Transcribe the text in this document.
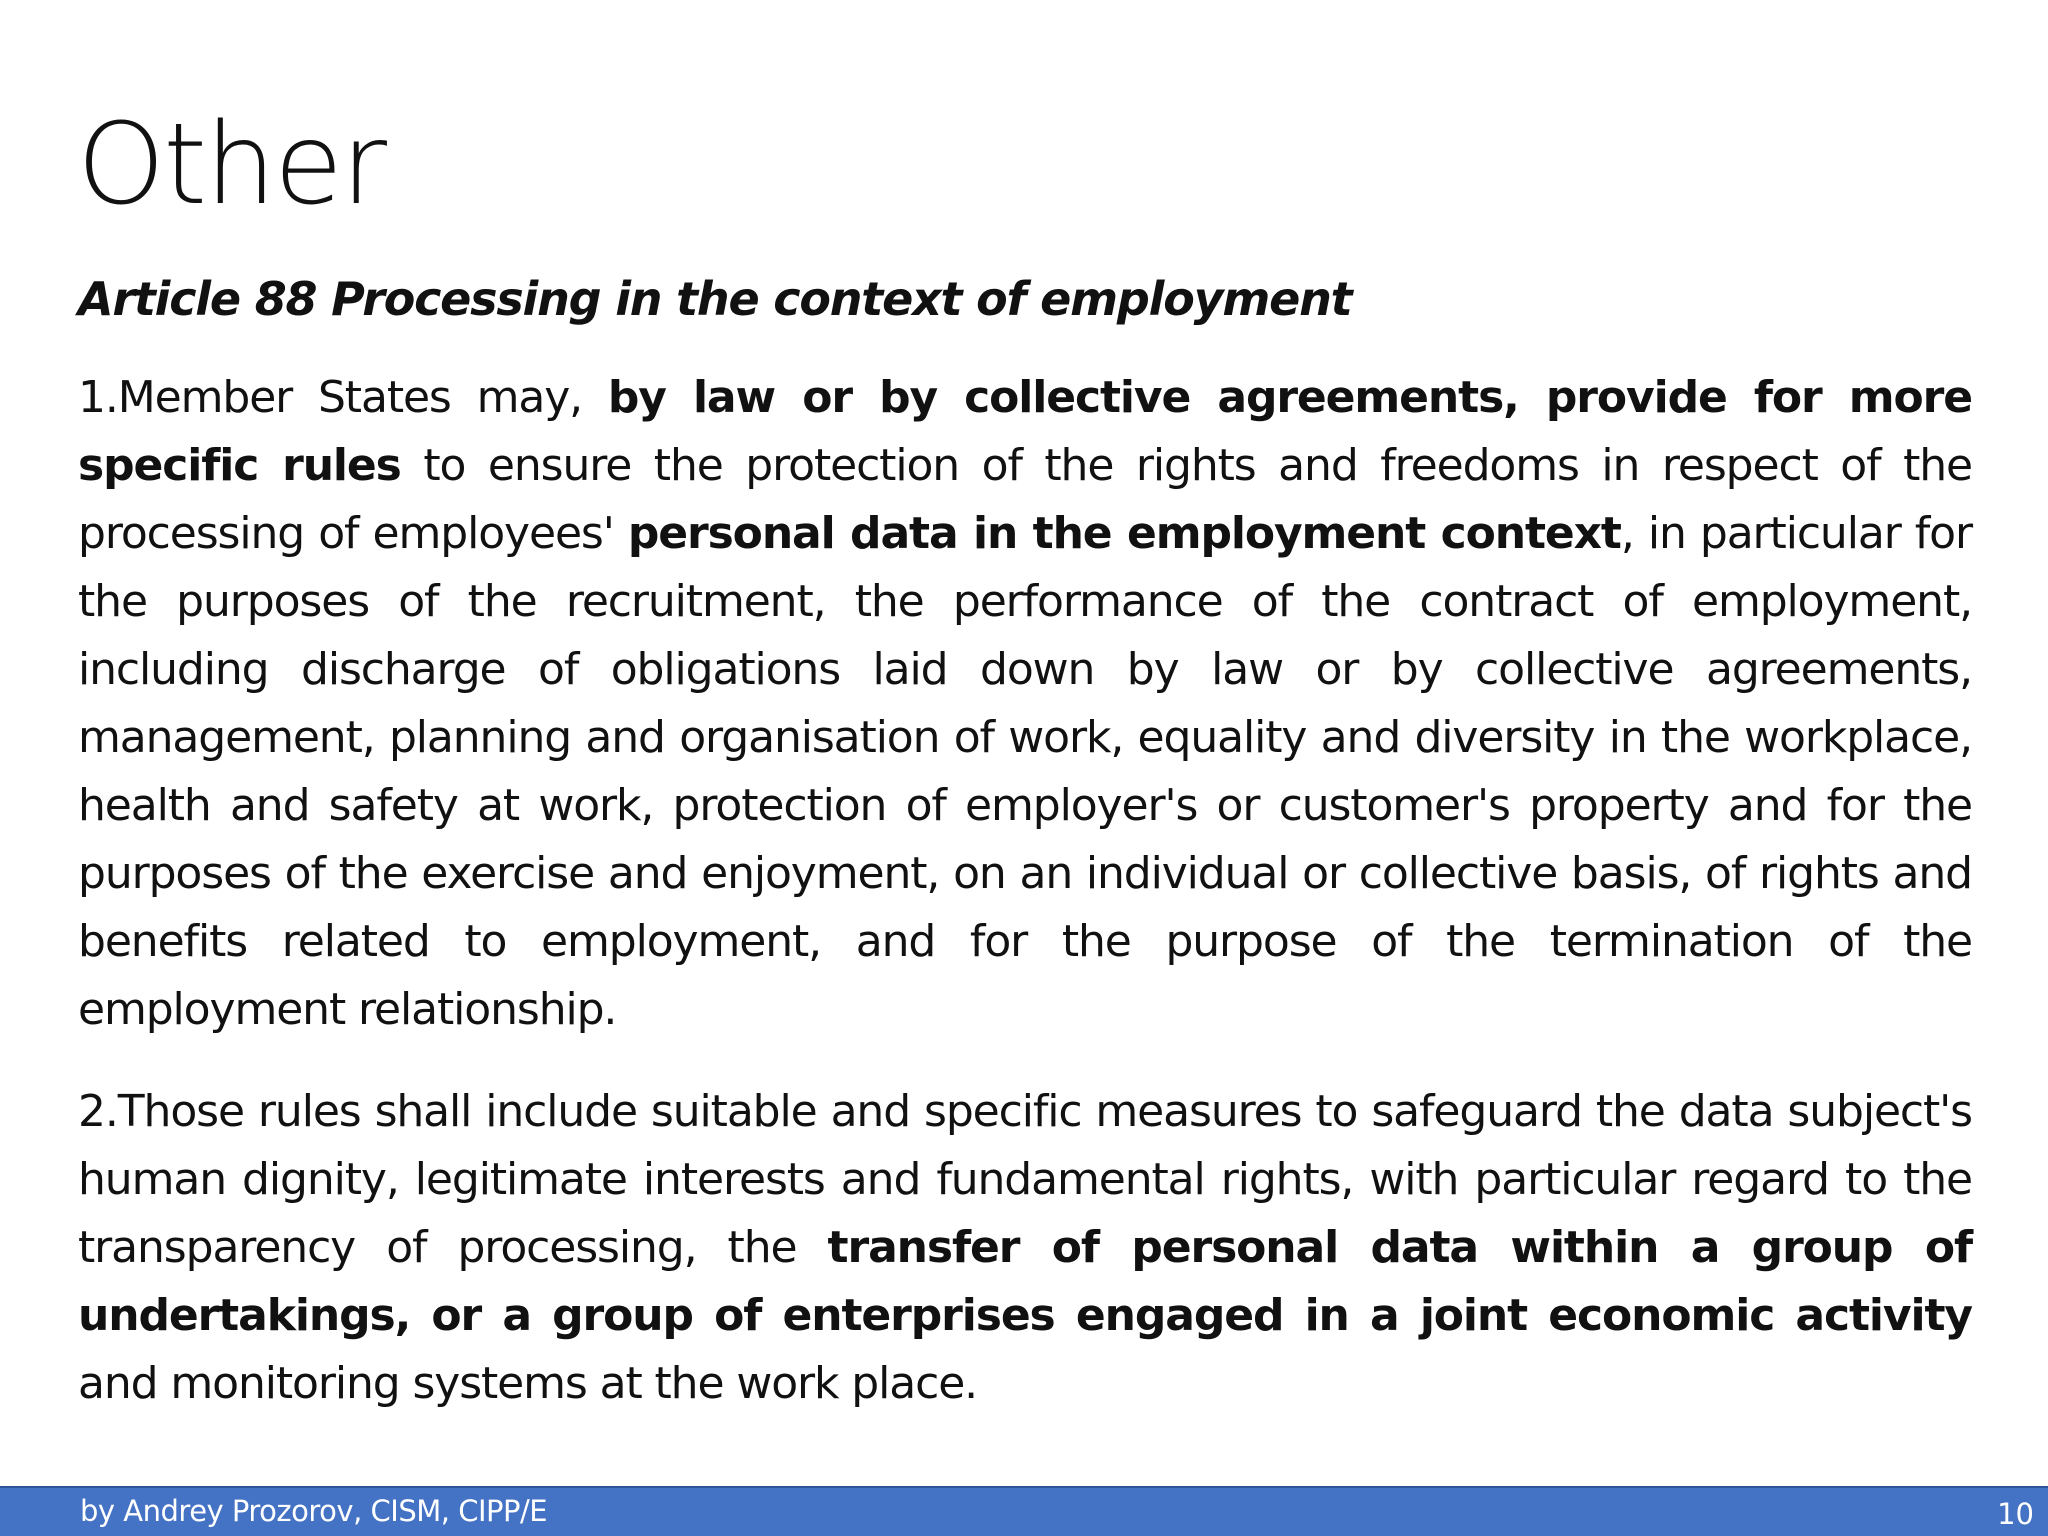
Other

Article 88 Processing in the context of employment

1.Member States may, by law or by collective agreements, provide for more specific rules to ensure the protection of the rights and freedoms in respect of the processing of employees' personal data in the employment context, in particular for the purposes of the recruitment, the performance of the contract of employment, including discharge of obligations laid down by law or by collective agreements, management, planning and organisation of work, equality and diversity in the workplace, health and safety at work, protection of employer's or customer's property and for the purposes of the exercise and enjoyment, on an individual or collective basis, of rights and benefits related to employment, and for the purpose of the termination of the employment relationship.

2.Those rules shall include suitable and specific measures to safeguard the data subject's human dignity, legitimate interests and fundamental rights, with particular regard to the transparency of processing, the transfer of personal data within a group of undertakings, or a group of enterprises engaged in a joint economic activity and monitoring systems at the work place.

by Andrey Prozorov, CISM, CIPP/E	10
